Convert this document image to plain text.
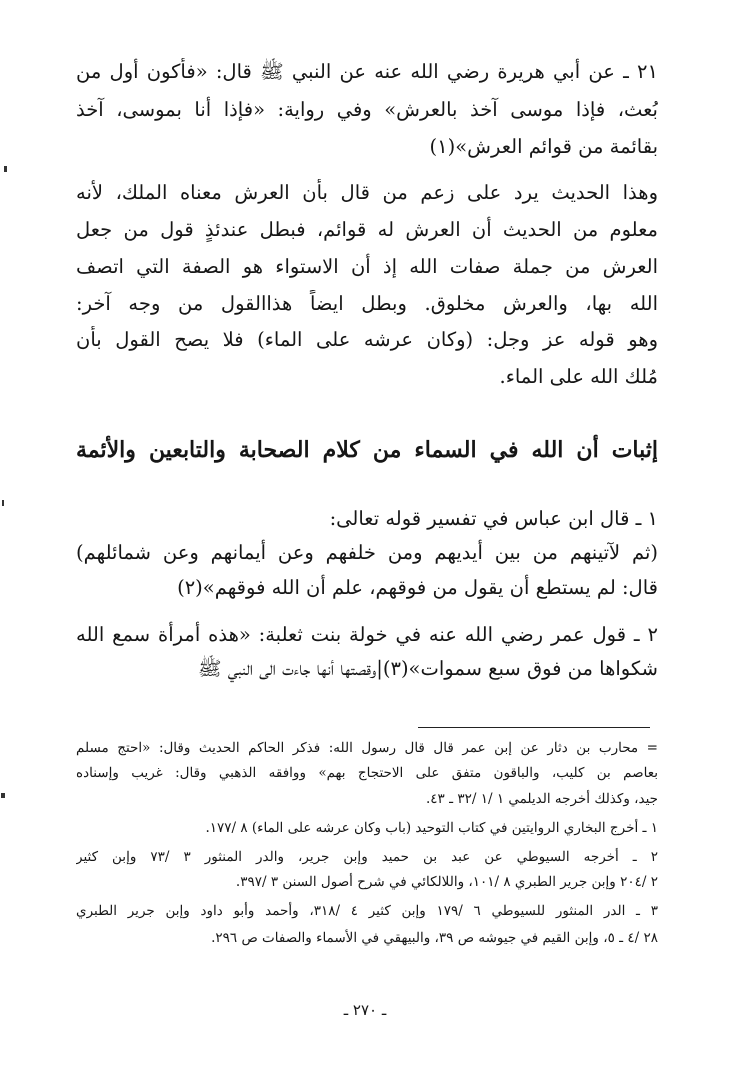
٢١ ـ عن أبي هريرة رضي الله عنه عن النبي ﷺ قال: «فأكون أول من
بُعث، فإذا موسى آخذ بالعرش» وفي رواية: «فإذا أنا بموسى، آخذ
بقائمة من قوائم العرش»(١)
وهذا الحديث يرد على زعم من قال بأن العرش معناه الملك، لأنه
معلوم من الحديث أن العرش له قوائم، فبطل عندئذٍ قول من جعل
العرش من جملة صفات الله إذ أن الاستواء هو الصفة التي اتصف
الله بها، والعرش مخلوق. وبطل ايضاً هذاالقول من وجه آخر:
وهو قوله عز وجل: (وكان عرشه على الماء) فلا يصح القول بأن
مُلك الله على الماء.
إثبات أن الله في السماء من كلام الصحابة والتابعين والأئمة
١ ـ قال ابن عباس في تفسير قوله تعالى:
(ثم لآتينهم من بين أيديهم ومن خلفهم وعن أيمانهم وعن شمائلهم)
قال: لم يستطع أن يقول من فوقهم، علم أن الله فوقهم»(٢)
٢ ـ قول عمر رضي الله عنه في خولة بنت ثعلبة: «هذه أمرأة سمع الله
شكواها من فوق سبع سموات»(٣)|وقصتها أنها جاءت الى النبي ﷺ
= محارب بن دثار عن إبن عمر قال قال رسول الله: فذكر الحاكم الحديث وقال: «احتج مسلم
بعاصم بن كليب، والباقون متفق على الاحتجاج بهم» ووافقه الذهبي وقال: غريب وإسناده
جيد، وكذلك أخرجه الديلمي ١ /١ /٣٢ ـ ٤٣.
١ ـ أخرج البخاري الروايتين في كتاب التوحيد (باب وكان عرشه على الماء) ٨ /١٧٧.
٢ ـ أخرجه السيوطي عن عبد بن حميد وإبن جرير، والدر المنثور ٣ /٧٣ وإبن كثير
٢ /٢٠٤ وإبن جرير الطبري ٨ /١٠١، واللالكائي في شرح أصول السنن ٣ /٣٩٧.
٣ ـ الدر المنثور للسيوطي ٦ /١٧٩ وإبن كثير ٤ /٣١٨، وأحمد وأبو داود وإبن جرير الطبري
٢٨ /٤ ـ ٥، وإبن القيم في جيوشه ص ٣٩، والبيهقي في الأسماء والصفات ص ٢٩٦.
ـ ٢٧٠ ـ
